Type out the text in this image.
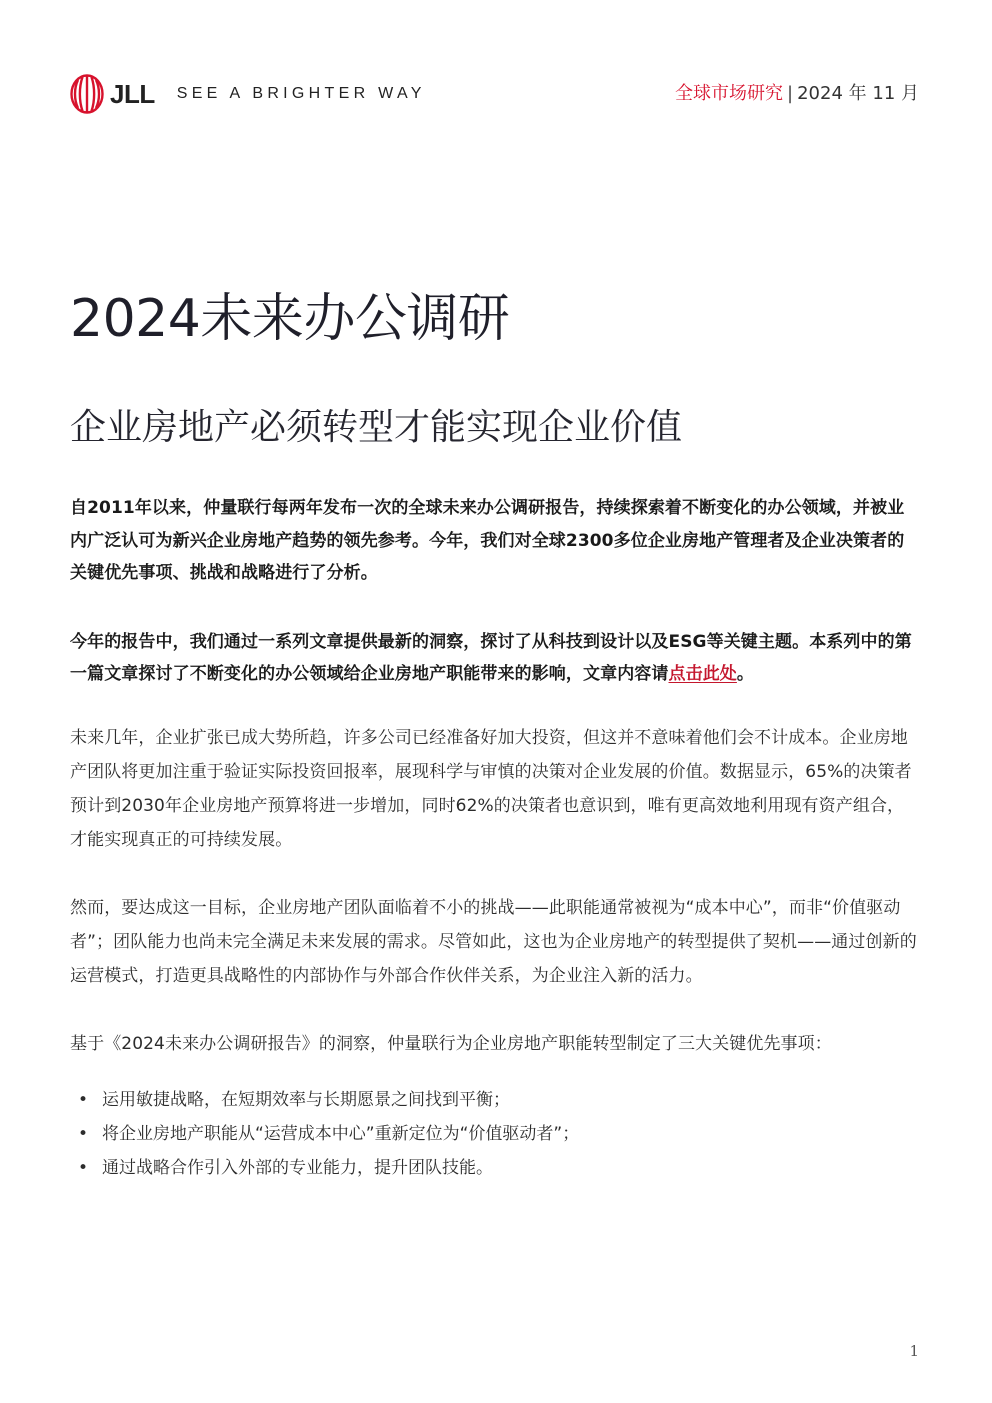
JLL SEE A BRIGHTER WAY	全球市场研究 | 2024 年 11 月
2024未来办公调研
企业房地产必须转型才能实现企业价值

自2011年以来，仲量联行每两年发布一次的全球未来办公调研报告，持续探索着不断变化的办公领域，并被业内广泛认可为新兴企业房地产趋势的领先参考。今年，我们对全球2300多位企业房地产管理者及企业决策者的关键优先事项、挑战和战略进行了分析。

今年的报告中，我们通过一系列文章提供最新的洞察，探讨了从科技到设计以及ESG等关键主题。本系列中的第一篇文章探讨了不断变化的办公领域给企业房地产职能带来的影响，文章内容请点击此处。

未来几年，企业扩张已成大势所趋，许多公司已经准备好加大投资，但这并不意味着他们会不计成本。企业房地产团队将更加注重于验证实际投资回报率，展现科学与审慎的决策对企业发展的价值。数据显示，65%的决策者预计到2030年企业房地产预算将进一步增加，同时62%的决策者也意识到，唯有更高效地利用现有资产组合，才能实现真正的可持续发展。

然而，要达成这一目标，企业房地产团队面临着不小的挑战——此职能通常被视为“成本中心”，而非“价值驱动者”；团队能力也尚未完全满足未来发展的需求。尽管如此，这也为企业房地产的转型提供了契机——通过创新的运营模式，打造更具战略性的内部协作与外部合作伙伴关系，为企业注入新的活力。

基于《2024未来办公调研报告》的洞察，仲量联行为企业房地产职能转型制定了三大关键优先事项：

• 运用敏捷战略，在短期效率与长期愿景之间找到平衡；
• 将企业房地产职能从“运营成本中心”重新定位为“价值驱动者”；
• 通过战略合作引入外部的专业能力，提升团队技能。
1
